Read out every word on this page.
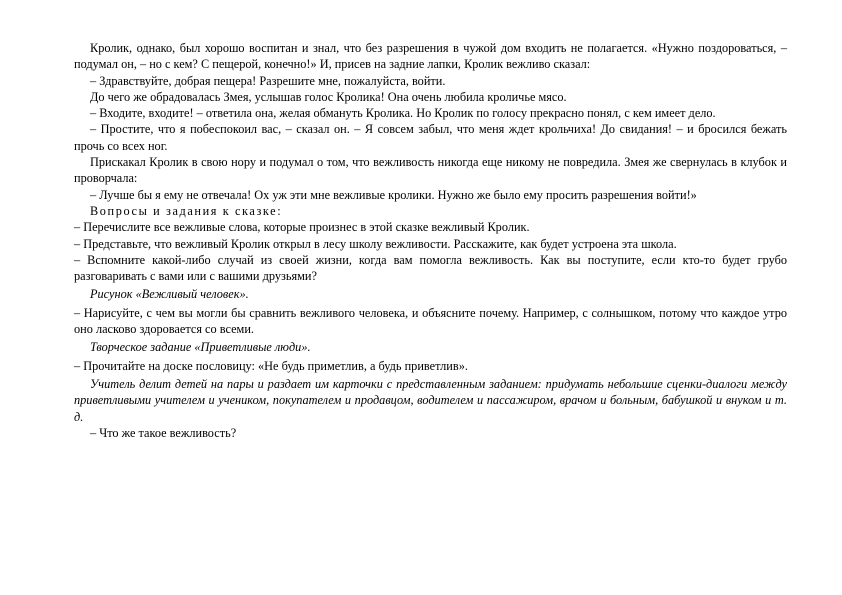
Кролик, однако, был хорошо воспитан и знал, что без разрешения в чужой дом входить не полагается. «Нужно поздороваться, – подумал он, – но с кем? С пещерой, конечно!» И, присев на задние лапки, Кролик вежливо сказал:

– Здравствуйте, добрая пещера! Разрешите мне, пожалуйста, войти.

До чего же обрадовалась Змея, услышав голос Кролика! Она очень любила кроличье мясо.

– Входите, входите! – ответила она, желая обмануть Кролика. Но Кролик по голосу прекрасно понял, с кем имеет дело.

– Простите, что я побеспокоил вас, – сказал он. – Я совсем забыл, что меня ждет крольчиха! До свидания! – и бросился бежать прочь со всех ног.

Прискакал Кролик в свою нору и подумал о том, что вежливость никогда еще никому не повредила. Змея же свернулась в клубок и проворчала:

– Лучше бы я ему не отвечала! Ох уж эти мне вежливые кролики. Нужно же было ему просить разрешения войти!»

Вопросы и задания к сказке:

– Перечислите все вежливые слова, которые произнес в этой сказке вежливый Кролик.

– Представьте, что вежливый Кролик открыл в лесу школу вежливости. Расскажите, как будет устроена эта школа.

– Вспомните какой-либо случай из своей жизни, когда вам помогла вежливость. Как вы поступите, если кто-то будет грубо разговаривать с вами или с вашими друзьями?

Рисунок «Вежливый человек».

– Нарисуйте, с чем вы могли бы сравнить вежливого человека, и объясните почему. Например, с солнышком, потому что каждое утро оно ласково здоровается со всеми.

Творческое задание «Приветливые люди».

– Прочитайте на доске пословицу: «Не будь приметлив, а будь приветлив».

Учитель делит детей на пары и раздает им карточки с представленным заданием: придумать небольшие сценки-диалоги между приветливыми учителем и учеником, покупателем и продавцом, водителем и пассажиром, врачом и больным, бабушкой и внуком и т. д.

– Что же такое вежливость?
